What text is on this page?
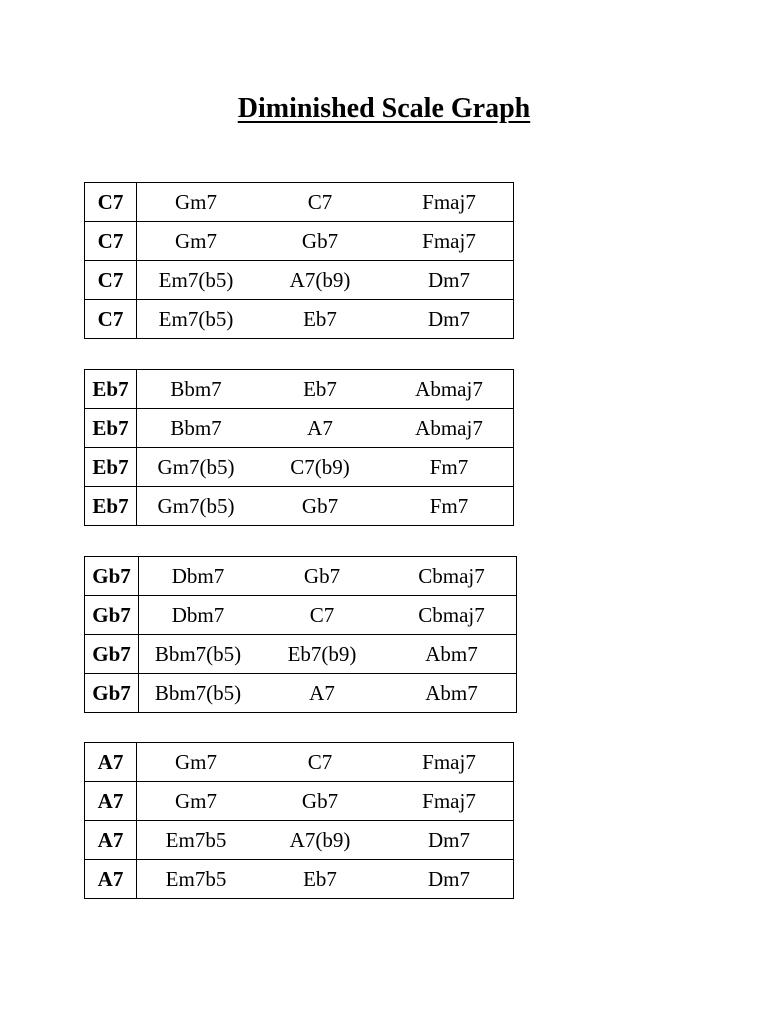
Diminished Scale Graph
C7	Gm7	C7	Fmaj7
C7	Gm7	Gb7	Fmaj7
C7	Em7(b5)	A7(b9)	Dm7
C7	Em7(b5)	Eb7	Dm7
Eb7	Bbm7	Eb7	Abmaj7
Eb7	Bbm7	A7	Abmaj7
Eb7	Gm7(b5)	C7(b9)	Fm7
Eb7	Gm7(b5)	Gb7	Fm7
Gb7	Dbm7	Gb7	Cbmaj7
Gb7	Dbm7	C7	Cbmaj7
Gb7	Bbm7(b5)	Eb7(b9)	Abm7
Gb7	Bbm7(b5)	A7	Abm7
A7	Gm7	C7	Fmaj7
A7	Gm7	Gb7	Fmaj7
A7	Em7b5	A7(b9)	Dm7
A7	Em7b5	Eb7	Dm7
